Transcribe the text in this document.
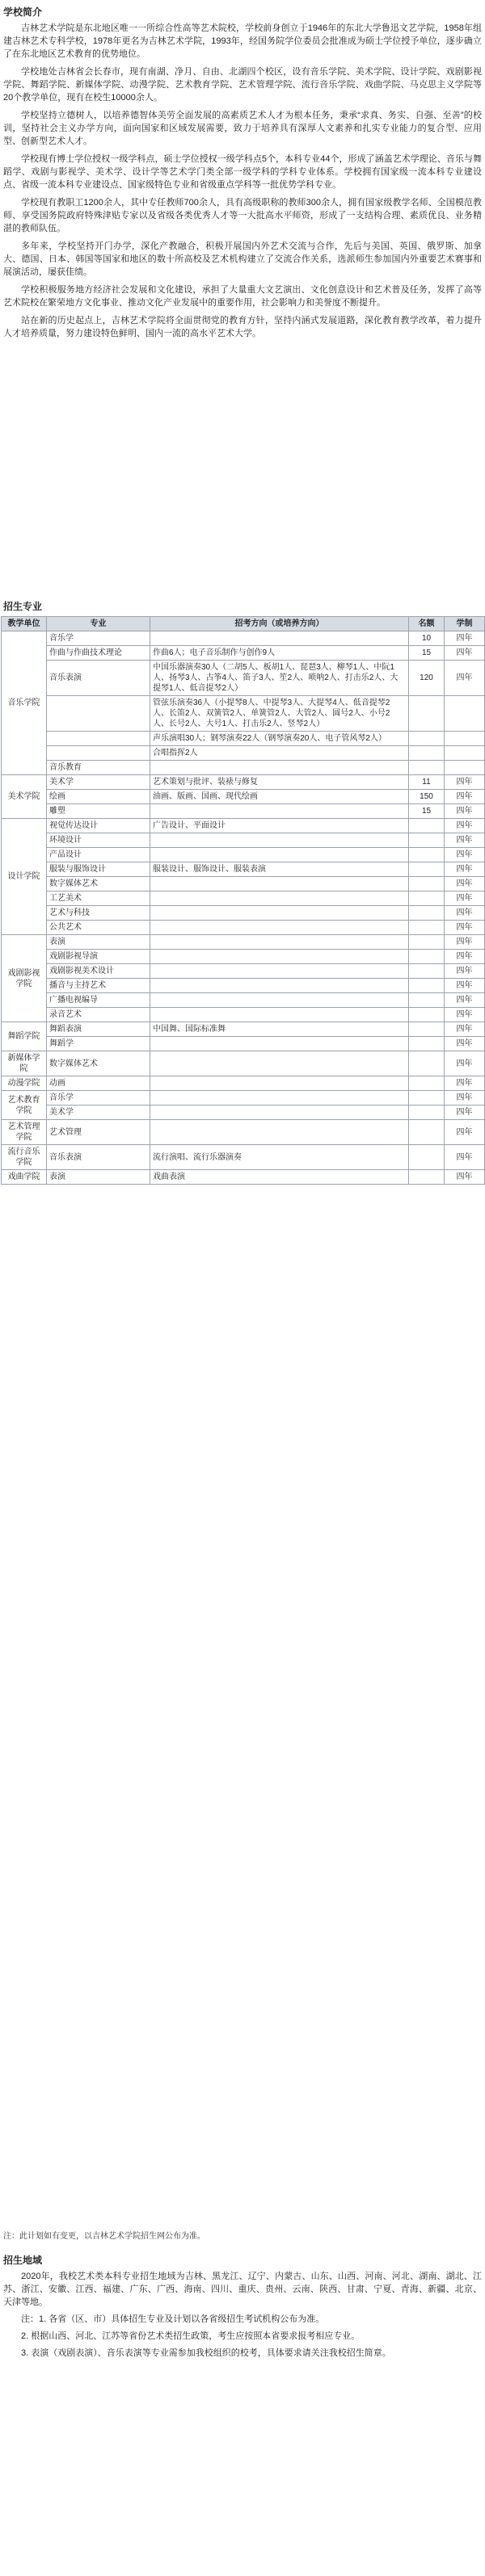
学校简介

吉林艺术学院是东北地区唯一一所综合性高等艺术院校，学校前身创立于1946年的东北大学鲁迅文艺学院，1958年组建吉林艺术专科学校，1978年更名为吉林艺术学院，1993年，经国务院学位委员会批准成为硕士学位授予单位，逐步确立了在东北地区艺术教育的优势地位。

学校地处吉林省会长春市，现有南湖、净月、自由、北湖四个校区，设有音乐学院、美术学院、设计学院、戏剧影视学院、舞蹈学院、新媒体学院、动漫学院、艺术教育学院、艺术管理学院、流行音乐学院、戏曲学院、马克思主义学院等20个教学单位，现有在校生10000余人。

学校坚持立德树人，以培养德智体美劳全面发展的高素质艺术人才为根本任务，秉承“求真、务实、自强、至善”的校训，坚持社会主义办学方向，面向国家和区域发展需要，致力于培养具有深厚人文素养和扎实专业能力的复合型、应用型、创新型艺术人才。

学校现有博士学位授权一级学科点，硕士学位授权一级学科点5个，本科专业44个，形成了涵盖艺术学理论、音乐与舞蹈学、戏剧与影视学、美术学、设计学等艺术学门类全部一级学科的学科专业体系。学校拥有国家级一流本科专业建设点、省级一流本科专业建设点、国家级特色专业和省级重点学科等一批优势学科专业。

学校现有教职工1200余人，其中专任教师700余人，具有高级职称的教师300余人，拥有国家级教学名师、全国模范教师、享受国务院政府特殊津贴专家以及省级各类优秀人才等一大批高水平师资，形成了一支结构合理、素质优良、业务精湛的教师队伍。

多年来，学校坚持开门办学，深化产教融合，积极开展国内外艺术交流与合作，先后与美国、英国、俄罗斯、加拿大、德国、日本、韩国等国家和地区的数十所高校及艺术机构建立了交流合作关系，选派师生参加国内外重要艺术赛事和展演活动，屡获佳绩。

学校积极服务地方经济社会发展和文化建设，承担了大量重大文艺演出、文化创意设计和艺术普及任务，发挥了高等艺术院校在繁荣地方文化事业、推动文化产业发展中的重要作用，社会影响力和美誉度不断提升。

站在新的历史起点上，吉林艺术学院将全面贯彻党的教育方针，坚持内涵式发展道路，深化教育教学改革，着力提升人才培养质量，努力建设特色鲜明、国内一流的高水平艺术大学。

招生专业
教学单位	专业	招考方向（或培养方向）	名额	学制
音乐学院	音乐学		10	四年
	作曲与作曲技术理论	作曲6人；电子音乐制作与创作9人	15	四年
	音乐表演	中国乐器演奏30人（二胡5人、板胡1人、琵琶3人、柳琴1人、中阮1人、扬琴3人、古筝4人、笛子3人、笙2人、唢呐2人、打击乐2人、大提琴1人、低音提琴2人）	120	四年
		管弦乐演奏36人（小提琴8人、中提琴3人、大提琴4人、低音提琴2人、长笛2人、双簧管2人、单簧管2人、大管2人、圆号2人、小号2人、长号2人、大号1人、打击乐2人、竖琴2人）		
		声乐演唱30人；钢琴演奏22人（钢琴演奏20人、电子管风琴2人）		
		合唱指挥2人		
	音乐教育			
美术学院	美术学	艺术策划与批评、装裱与修复	11	四年
	绘画	油画、版画、国画、现代绘画	150	四年
	雕塑		15	四年
设计学院	视觉传达设计	广告设计、平面设计		四年
	环境设计			四年
	产品设计			四年
	服装与服饰设计	服装设计、服饰设计、服装表演		四年
	数字媒体艺术			四年
	工艺美术			四年
	艺术与科技			四年
	公共艺术			四年
戏剧影视学院	表演			四年
	戏剧影视导演			四年
	戏剧影视美术设计			四年
	播音与主持艺术			四年
	广播电视编导			四年
	录音艺术			四年
舞蹈学院	舞蹈表演	中国舞、国际标准舞		四年
	舞蹈学			四年
新媒体学院	数字媒体艺术			四年
动漫学院	动画			四年
艺术教育学院	音乐学			四年
	美术学			四年
艺术管理学院	艺术管理			四年
流行音乐学院	音乐表演	流行演唱、流行乐器演奏		四年
戏曲学院	表演	戏曲表演		四年
注：此计划如有变更，以吉林艺术学院招生网公布为准。
招生地域

2020年，我校艺术类本科专业招生地域为吉林、黑龙江、辽宁、内蒙古、山东、山西、河南、河北、湖南、湖北、江苏、浙江、安徽、江西、福建、广东、广西、海南、四川、重庆、贵州、云南、陕西、甘肃、宁夏、青海、新疆、北京、天津等地。

注：1. 各省（区、市）具体招生专业及计划以各省级招生考试机构公布为准。

2. 根据山西、河北、江苏等省份艺术类招生政策，考生应按照本省要求报考相应专业。

3. 表演（戏剧表演）、音乐表演等专业需参加我校组织的校考，具体要求请关注我校招生简章。
